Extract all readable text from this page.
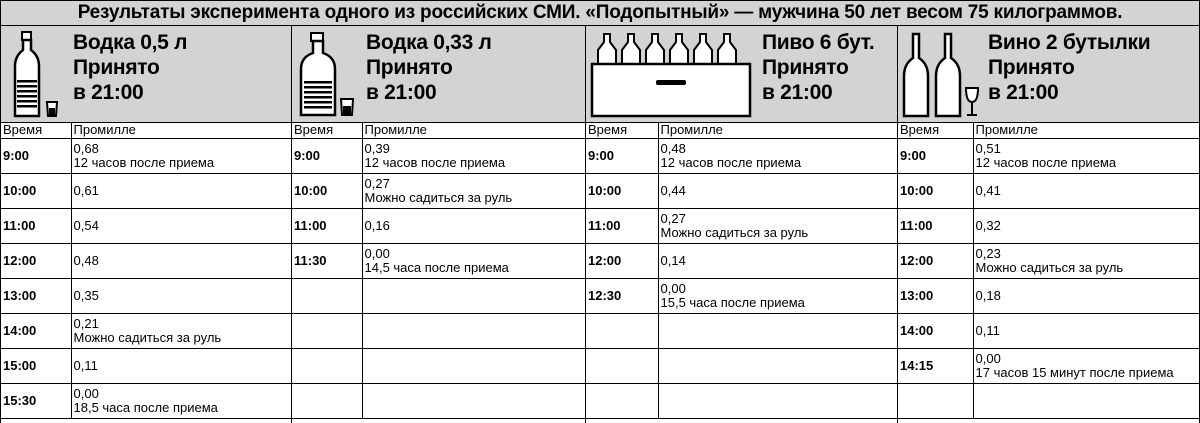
Результаты эксперимента одного из российских СМИ. «Подопытный» — мужчина 50 лет весом 75 килограммов.
Водка 0,5 л
Принято
в 21:00
Время	Промилле
9:00	0,68
12 часов после приема

10:00	0,61

11:00	0,54

12:00	0,48

13:00	0,35

14:00	0,21
Можно садиться за руль

15:00	0,11

15:30	0,00
18,5 часа после приема
Водка 0,33 л
Принято
в 21:00
Время	Промилле
9:00	0,39
12 часов после приема

10:00	0,27
Можно садиться за руль

11:00	0,16

11:30	0,00
14,5 часа после приема

Пиво 6 бут.
Принято
в 21:00
Время	Промилле
9:00	0,48
12 часов после приема

10:00	0,44

11:00	0,27
Можно садиться за руль

12:00	0,14

12:30	0,00
15,5 часа после приема

Вино 2 бутылки
Принято
в 21:00
Время	Промилле
9:00	0,51
12 часов после приема

10:00	0,41

11:00	0,32

12:00	0,23
Можно садиться за руль

13:00	0,18

14:00	0,11

14:15	0,00
17 часов 15 минут после приема
